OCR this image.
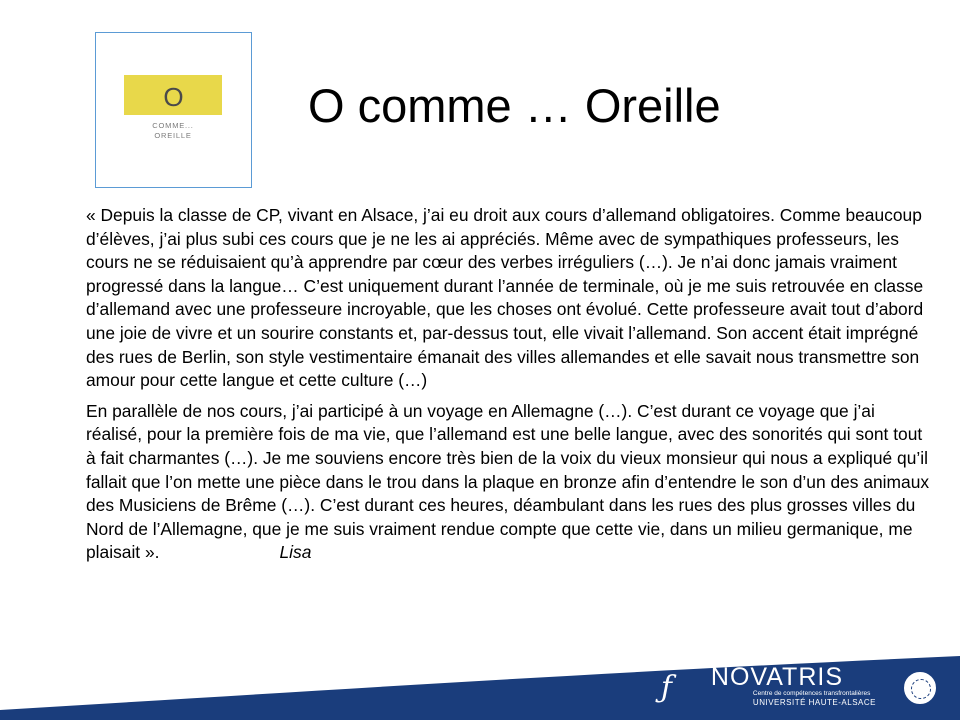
O
COMME...
OREILLE
O comme … Oreille

« Depuis la classe de CP, vivant en Alsace, j’ai eu droit aux cours d’allemand obligatoires. Comme beaucoup d’élèves, j’ai plus subi ces cours que je ne les ai appréciés. Même avec de sympathiques professeurs, les cours ne se réduisaient qu’à apprendre par cœur des verbes irréguliers (…). Je n’ai donc jamais vraiment progressé dans la langue… C’est uniquement durant l’année de terminale, où je me suis retrouvée en classe d’allemand avec une professeure incroyable, que les choses ont évolué. Cette professeure avait tout d’abord une joie de vivre et un sourire constants et, par-dessus tout, elle vivait l’allemand. Son accent était imprégné des rues de Berlin, son style vestimentaire émanait des villes allemandes et elle savait nous transmettre son amour pour cette langue et cette culture (…)

En parallèle de nos cours, j’ai participé à un voyage en Allemagne (…). C’est durant ce voyage que j’ai réalisé, pour la première fois de ma vie, que l’allemand est une belle langue, avec des sonorités qui sont tout à fait charmantes (…). Je me souviens encore très bien de la voix du vieux monsieur qui nous a expliqué qu’il fallait que l’on mette une pièce dans le trou dans la plaque en bronze afin d’entendre le son d’un des animaux des Musiciens de Brême (…). C’est durant ces heures, déambulant dans les rues des plus grosses villes du Nord de l’Allemagne, que je me suis vraiment rendue compte que cette vie, dans un milieu germanique, me plaisait ».	Lisa

ƒ NOVATRIS
Centre de compétences transfrontalières
UNIVERSITÉ HAUTE-ALSACE
